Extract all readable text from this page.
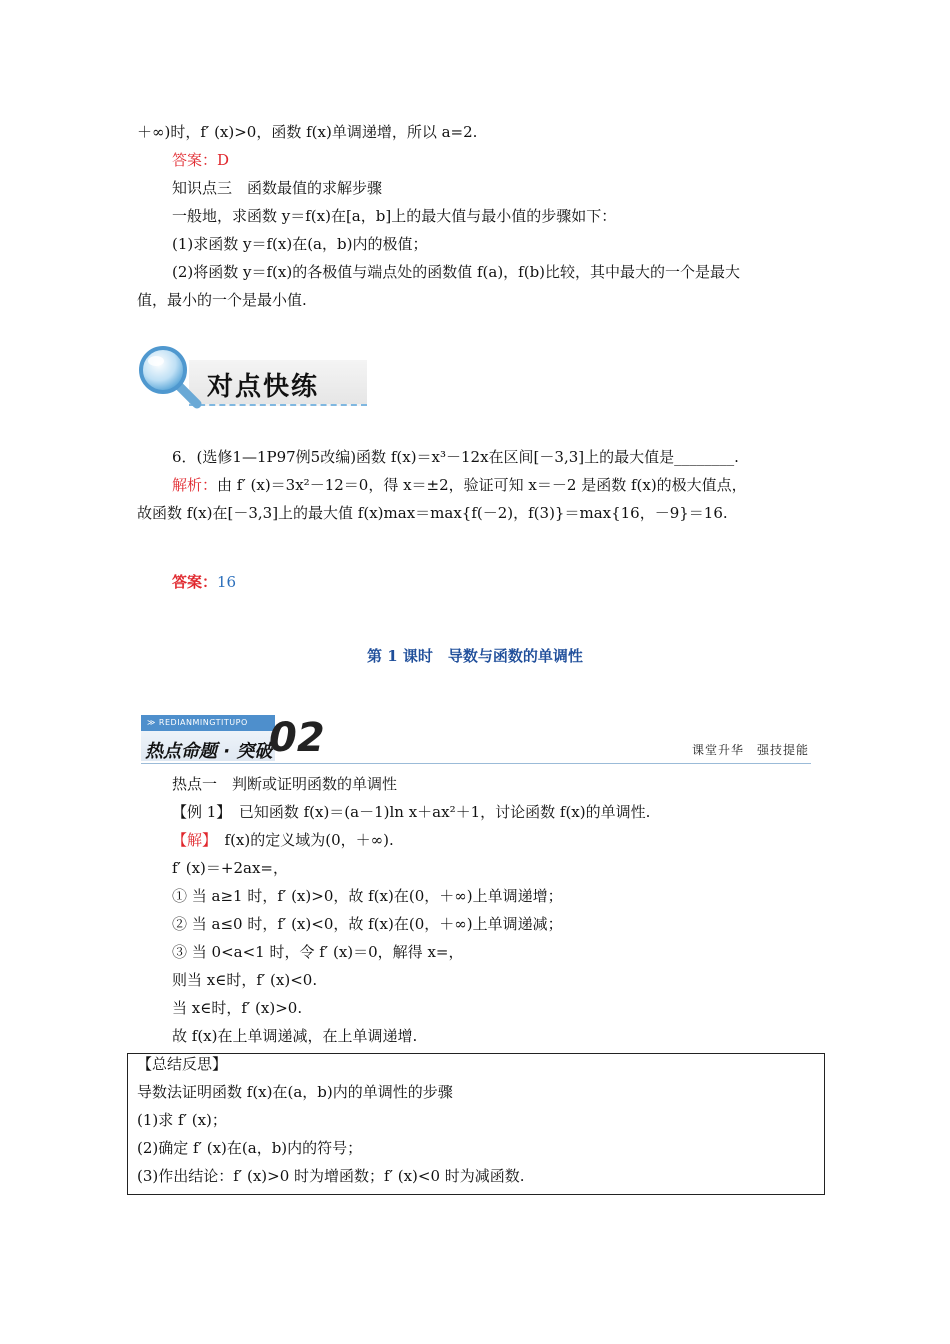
＋∞)时，f′ (x)>0，函数 f(x)单调递增，所以 a=2.
答案：D
知识点三　函数最值的求解步骤
一般地，求函数 y＝f(x)在[a，b]上的最大值与最小值的步骤如下：
(1)求函数 y＝f(x)在(a，b)内的极值；
(2)将函数 y＝f(x)的各极值与端点处的函数值 f(a)，f(b)比较，其中最大的一个是最大
值，最小的一个是最小值.
对点快练
6．(选修1—1P97例5改编)函数 f(x)＝x³－12x在区间[－3,3]上的最大值是________.
解析：由 f′ (x)＝3x²－12＝0，得 x＝±2，验证可知 x＝－2 是函数 f(x)的极大值点，
故函数 f(x)在[－3,3]上的最大值 f(x)max＝max{f(－2)，f(3)}＝max{16，－9}＝16.
答案：16
第 1 课时　导数与函数的单调性
≫ REDIANMINGTITUPO
热点命题 · 突破
02	课堂升华　强技提能
热点一　判断或证明函数的单调性
【例 1】　已知函数 f(x)＝(a－1)ln x＋ax²＋1，讨论函数 f(x)的单调性.
【解】　f(x)的定义域为(0，＋∞).
f′ (x)＝+2ax=，
① 当 a≥1 时，f′ (x)>0，故 f(x)在(0，＋∞)上单调递增；
② 当 a≤0 时，f′ (x)<0，故 f(x)在(0，＋∞)上单调递减；
③ 当 0<a<1 时，令 f′ (x)＝0，解得 x=，
则当 x∈时，f′ (x)<0.
当 x∈时，f′ (x)>0.
故 f(x)在上单调递减，在上单调递增.
【总结反思】
导数法证明函数 f(x)在(a，b)内的单调性的步骤
(1)求 f′ (x)；
(2)确定 f′ (x)在(a，b)内的符号；
(3)作出结论：f′ (x)>0 时为增函数；f′ (x)<0 时为减函数.
